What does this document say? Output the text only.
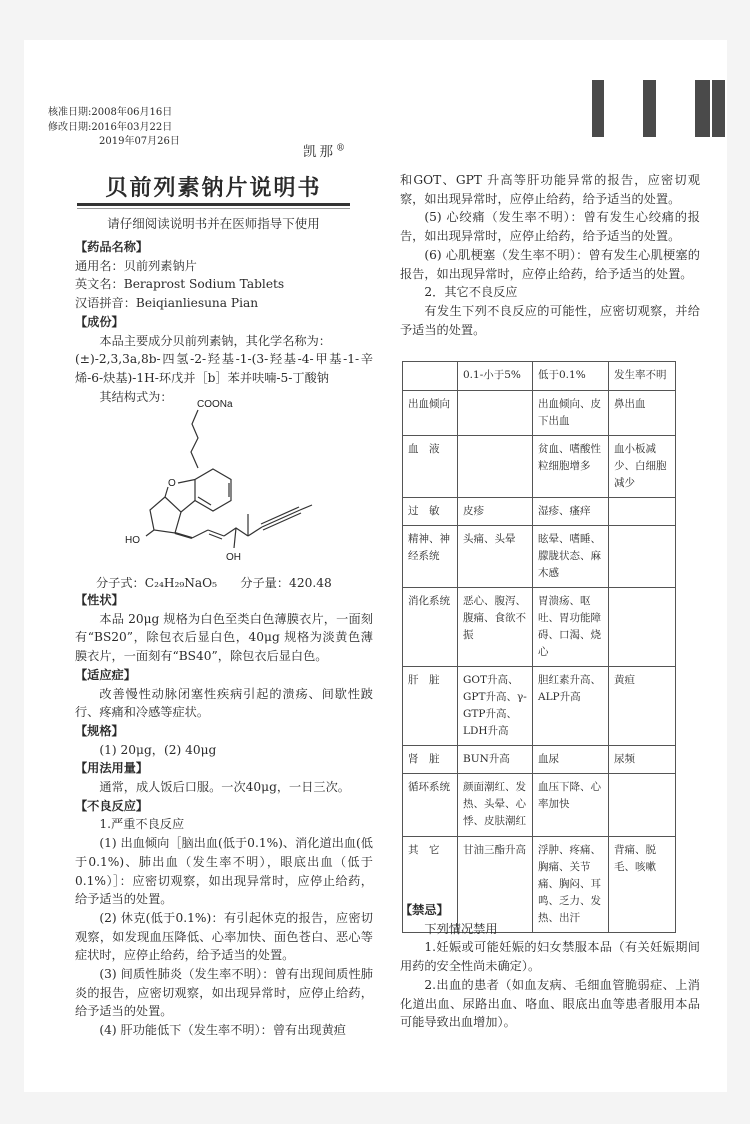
核准日期:2008年06月16日
修改日期:2016年03月22日
2019年07月26日
凯那®
贝前列素钠片说明书
请仔细阅读说明书并在医师指导下使用

【药品名称】

通用名：贝前列素钠片

英文名：Beraprost Sodium Tablets

汉语拼音：Beiqianliesuna Pian

【成份】

本品主要成分贝前列素钠，其化学名称为：

(±)-2,3,3a,8b-四氢-2-羟基-1-(3-羟基-4-甲基-1-辛烯-6-炔基)-1H-环戊并［b］苯并呋喃-5-丁酸钠

其结构式为：

COONa
O
HO
OH
分子式：C₂₄H₂₉NaO₅ 分子量：420.48

【性状】

本品 20μg 规格为白色至类白色薄膜衣片，一面刻有“BS20”，除包衣后显白色，40μg 规格为淡黄色薄膜衣片，一面刻有“BS40”，除包衣后显白色。

【适应症】

改善慢性动脉闭塞性疾病引起的溃疡、间歇性跛行、疼痛和冷感等症状。

【规格】

(1) 20μg，(2) 40μg

【用法用量】

通常，成人饭后口服。一次40μg，一日三次。

【不良反应】

1.严重不良反应

(1) 出血倾向［脑出血(低于0.1%)、消化道出血(低于0.1%)、肺出血（发生率不明），眼底出血（低于0.1%）］：应密切观察，如出现异常时，应停止给药，给予适当的处置。

(2) 休克(低于0.1%)：有引起休克的报告，应密切观察，如发现血压降低、心率加快、面色苍白、恶心等症状时，应停止给药，给予适当的处置。

(3) 间质性肺炎（发生率不明）：曾有出现间质性肺炎的报告，应密切观察，如出现异常时，应停止给药，给予适当的处置。

(4) 肝功能低下（发生率不明）：曾有出现黄疸

和GOT、GPT 升高等肝功能异常的报告，应密切观察，如出现异常时，应停止给药，给予适当的处置。

(5) 心绞痛（发生率不明）：曾有发生心绞痛的报告，如出现异常时，应停止给药，给予适当的处置。

(6) 心肌梗塞（发生率不明）：曾有发生心肌梗塞的报告，如出现异常时，应停止给药，给予适当的处置。

2．其它不良反应

有发生下列不良反应的可能性，应密切观察，并给予适当的处置。

	0.1-小于5%	低于0.1%	发生率不明
出血倾向		出血倾向、皮下出血	鼻出血
血　液		贫血、嗜酸性粒细胞增多	血小板减少、白细胞减少
过　敏	皮疹	湿疹、瘙痒	
精神、神经系统	头痛、头晕	眩晕、嗜睡、朦胧状态、麻木感	
消化系统	恶心、腹泻、腹痛、食欲不振	胃溃疡、呕吐、胃功能障碍、口渴、烧心	
肝　脏	GOT升高、GPT升高、γ-GTP升高、LDH升高	胆红素升高、ALP升高	黄疸
肾　脏	BUN升高	血尿	尿频
循环系统	颜面潮红、发热、头晕、心悸、皮肤潮红	血压下降、心率加快	
其　它	甘油三酯升高	浮肿、疼痛、胸痛、关节痛、胸闷、耳鸣、乏力、发热、出汗	背痛、脱毛、咳嗽

【禁忌】

下列情况禁用

1.妊娠或可能妊娠的妇女禁服本品（有关妊娠期间用药的安全性尚未确定）。

2.出血的患者（如血友病、毛细血管脆弱症、上消化道出血、尿路出血、咯血、眼底出血等患者服用本品可能导致出血增加）。
